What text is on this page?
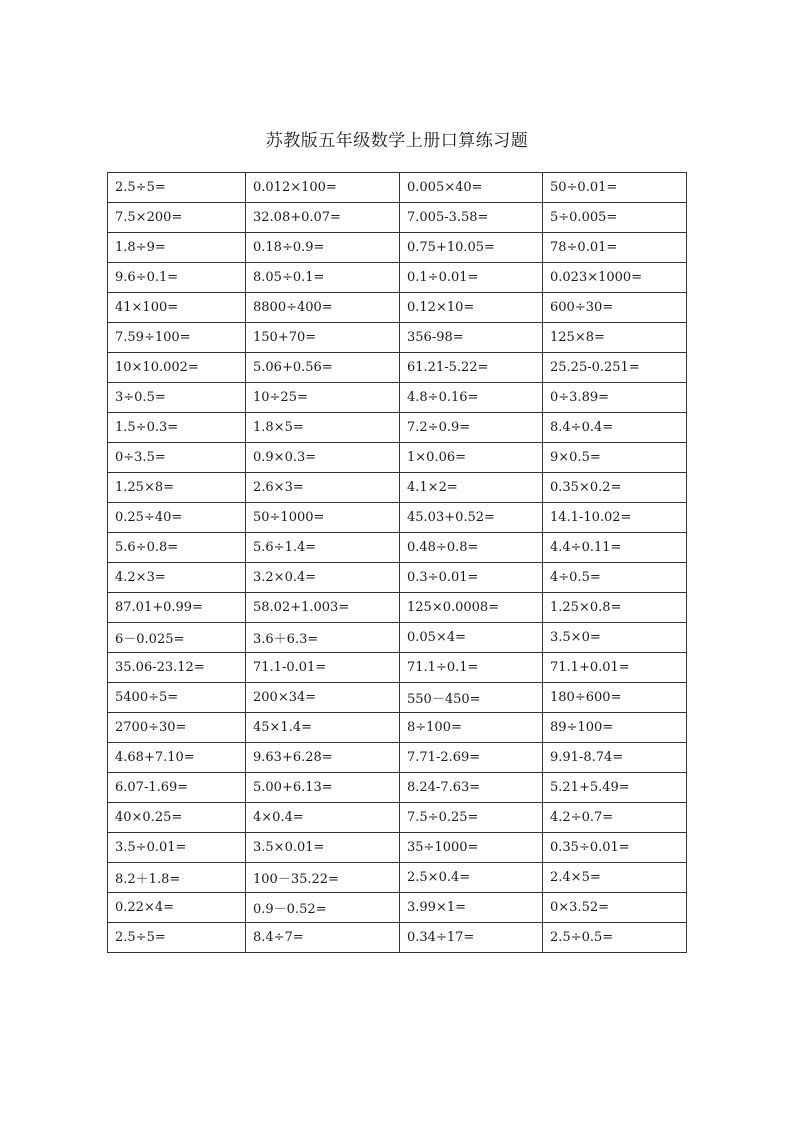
苏教版五年级数学上册口算练习题
2.5÷5=	0.012×100=	0.005×40=	50÷0.01=
7.5×200=	32.08+0.07=	7.005-3.58=	5÷0.005=
1.8÷9=	0.18÷0.9=	0.75+10.05=	78÷0.01=
9.6÷0.1=	8.05÷0.1=	0.1÷0.01=	0.023×1000=
41×100=	8800÷400=	0.12×10=	600÷30=
7.59÷100=	150+70=	356-98=	125×8=
10×10.002=	5.06+0.56=	61.21-5.22=	25.25-0.251=
3÷0.5=	10÷25=	4.8÷0.16=	0÷3.89=
1.5÷0.3=	1.8×5=	7.2÷0.9=	8.4÷0.4=
0÷3.5=	0.9×0.3=	1×0.06=	9×0.5=
1.25×8=	2.6×3=	4.1×2=	0.35×0.2=
0.25÷40=	50÷1000=	45.03+0.52=	14.1-10.02=
5.6÷0.8=	5.6÷1.4=	0.48÷0.8=	4.4÷0.11=
4.2×3=	3.2×0.4=	0.3÷0.01=	4÷0.5=
87.01+0.99=	58.02+1.003=	125×0.0008=	1.25×0.8=
6－0.025=	3.6＋6.3=	0.05×4=	3.5×0=
35.06-23.12=	71.1-0.01=	71.1÷0.1=	71.1+0.01=
5400÷5=	200×34=	550－450=	180÷600=
2700÷30=	45×1.4=	8÷100=	89÷100=
4.68+7.10=	9.63+6.28=	7.71-2.69=	9.91-8.74=
6.07-1.69=	5.00+6.13=	8.24-7.63=	5.21+5.49=
40×0.25=	4×0.4=	7.5÷0.25=	4.2÷0.7=
3.5÷0.01=	3.5×0.01=	35÷1000=	0.35÷0.01=
8.2＋1.8=	100－35.22=	2.5×0.4=	2.4×5=
0.22×4=	0.9－0.52=	3.99×1=	0×3.52=
2.5÷5=	8.4÷7=	0.34÷17=	2.5÷0.5=
